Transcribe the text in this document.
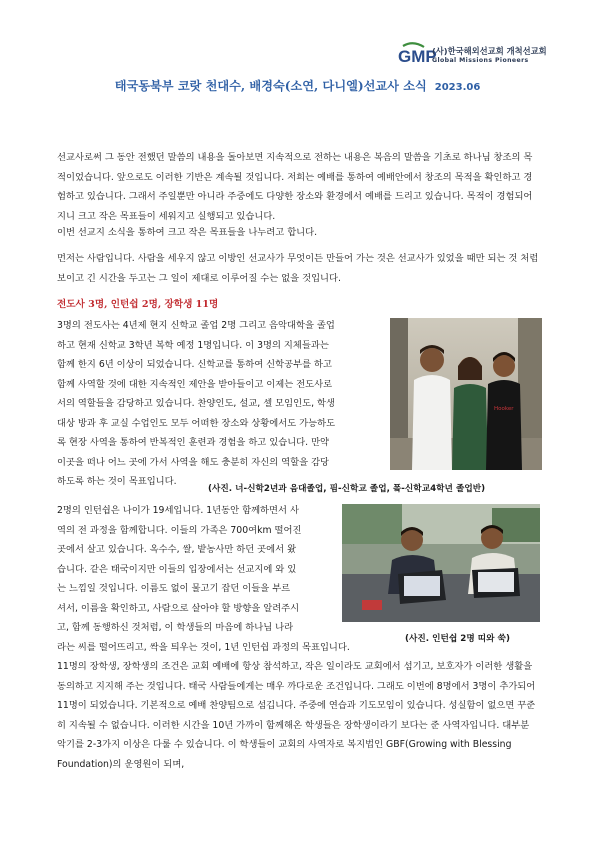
GMP
(사)한국해외선교회 개척선교회
Global Missions Pioneers
태국동북부 코랏 천대수, 배경숙(소연, 다니엘)선교사 소식 2023.06

선교사로써 그 동안 전했던 말씀의 내용을 돌아보면 지속적으로 전하는 내용은 복음의 말씀을 기초로 하나님 창조의 목적이었습니다. 앞으로도 이러한 기반은 계속될 것입니다. 저희는 예배를 통하여 예배안에서 창조의 목적을 확인하고 경험하고 있습니다. 그래서 주일뿐만 아니라 주중에도 다양한 장소와 환경에서 예배를 드리고 있습니다. 목적이 경험되어지니 크고 작은 목표들이 세워지고 실행되고 있습니다.

이번 선교지 소식을 통하여 크고 작은 목표들을 나누려고 합니다.

먼저는 사람입니다. 사람을 세우지 않고 이방인 선교사가 무엇이든 만들어 가는 것은 선교사가 있었을 때만 되는 것 처럼 보이고 긴 시간을 두고는 그 일이 제대로 이루어질 수는 없을 것입니다.

전도사 3명, 인턴쉽 2명, 장학생 11명
3명의 전도사는 4년제 현지 신학교 졸업 2명 그리고 음악대학을 졸업
하고 현재 신학교 3학년 복학 예정 1명입니다. 이 3명의 지체들과는
함께 한지 6년 이상이 되었습니다. 신학교를 통하여 신학공부를 하고
함께 사역할 것에 대한 지속적인 제안을 받아들이고 이제는 전도사로
서의 역할들을 감당하고 있습니다. 찬양인도, 설교, 셀 모임인도, 학생
대상 방과 후 교실 수업인도 모두 어떠한 장소와 상황에서도 가능하도
록 현장 사역을 통하여 반복적인 훈련과 경험을 하고 있습니다. 만약
이곳을 떠나 어느 곳에 가서 사역을 해도 충분히 자신의 역할을 감당
하도록 하는 것이 목표입니다.
Hooker
(사진. 너-신학2년과 음대졸업, 핌-신학교 졸업, 퐄-신학교4학년 졸업반)
2명의 인턴쉽은 나이가 19세입니다. 1년동안 함께하면서 사
역의 전 과정을 함께합니다. 이들의 가족은 700여km 떨어진
곳에서 살고 있습니다. 옥수수, 쌀, 밭농사만 하던 곳에서 왔
습니다. 같은 태국이지만 이들의 입장에서는 선교지에 와 있
는 느낌일 것입니다. 이름도 없이 물고기 잡던 이들을 부르
셔서, 이름을 확인하고, 사람으로 살아야 할 방향을 알려주시
고, 함께 동행하신 것처럼, 이 학생들의 마음에 하나님 나라
라는 씨를 떨어뜨리고, 싹을 틔우는 것이, 1년 인턴쉽 과정의 목표입니다.
(사진. 인턴쉽 2명 띠와 쑥)

11명의 장학생, 장학생의 조건은 교회 예배에 항상 참석하고, 작은 일이라도 교회에서 섬기고, 보호자가 이러한 생활을 동의하고 지지해 주는 것입니다. 태국 사람들에게는 매우 까다로운 조건입니다. 그래도 이번에 8명에서 3명이 추가되어 11명이 되었습니다. 기본적으로 예배 찬양팀으로 섬깁니다. 주중에 연습과 기도모임이 있습니다. 성실함이 없으면 꾸준히 지속될 수 없습니다. 이러한 시간을 10년 가까이 함께해온 학생들은 장학생이라기 보다는 준 사역자입니다. 대부분 악기를 2-3가지 이상은 다룰 수 있습니다. 이 학생들이 교회의 사역자로 복지법인 GBF(Growing with Blessing Foundation)의 운영원이 되며,
